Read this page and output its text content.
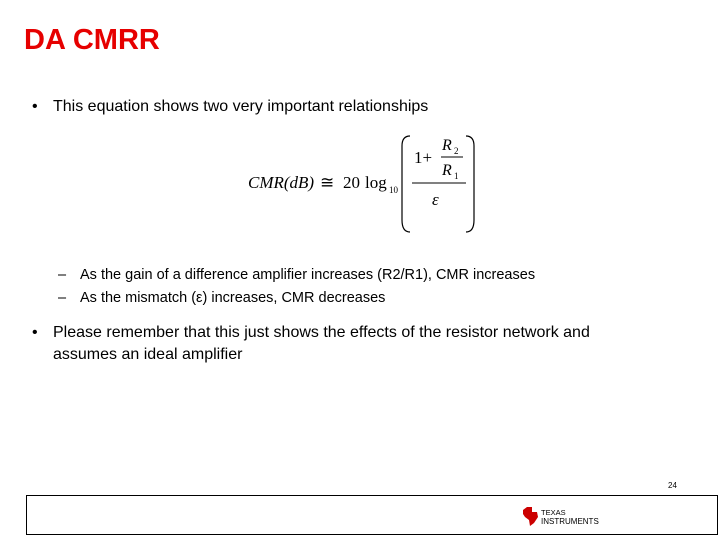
DA CMRR
• This equation shows two very important relationships
CMR(dB) ≅ 20 log 10
1+
R 2
R 1
ε
– As the gain of a difference amplifier increases (R2/R1), CMR increases
– As the mismatch (ε) increases, CMR decreases
• Please remember that this just shows the effects of the resistor network and
assumes an ideal amplifier
24
TEXAS
INSTRUMENTS
